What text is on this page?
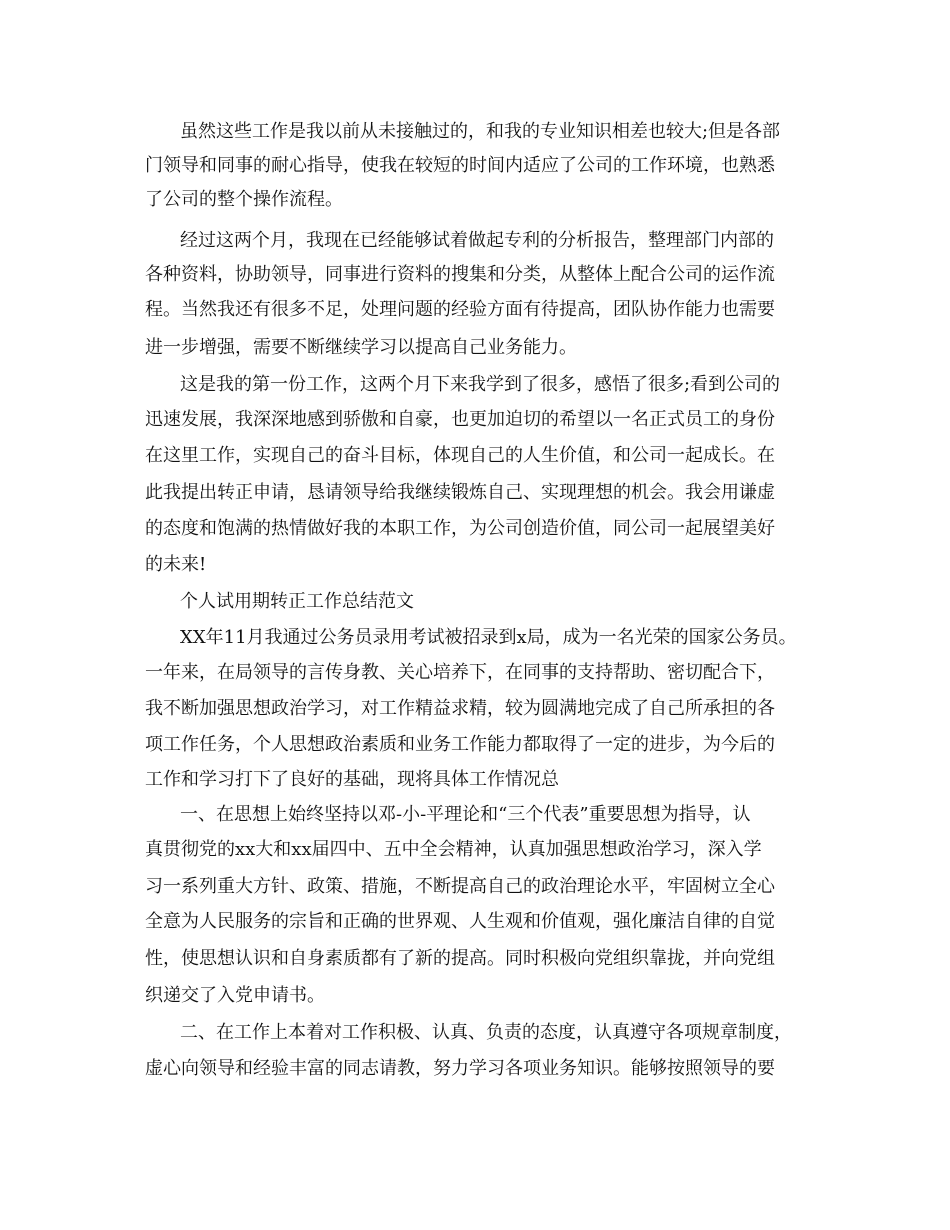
虽然这些工作是我以前从未接触过的，和我的专业知识相差也较大;但是各部
门领导和同事的耐心指导，使我在较短的时间内适应了公司的工作环境，也熟悉
了公司的整个操作流程。
经过这两个月，我现在已经能够试着做起专利的分析报告，整理部门内部的
各种资料，协助领导，同事进行资料的搜集和分类，从整体上配合公司的运作流
程。当然我还有很多不足，处理问题的经验方面有待提高，团队协作能力也需要
进一步增强，需要不断继续学习以提高自己业务能力。
这是我的第一份工作，这两个月下来我学到了很多，感悟了很多;看到公司的
迅速发展，我深深地感到骄傲和自豪，也更加迫切的希望以一名正式员工的身份
在这里工作，实现自己的奋斗目标，体现自己的人生价值，和公司一起成长。在
此我提出转正申请，恳请领导给我继续锻炼自己、实现理想的机会。我会用谦虚
的态度和饱满的热情做好我的本职工作，为公司创造价值，同公司一起展望美好
的未来!
个人试用期转正工作总结范文
XX年11月我通过公务员录用考试被招录到x局，成为一名光荣的国家公务员。
一年来，在局领导的言传身教、关心培养下，在同事的支持帮助、密切配合下，
我不断加强思想政治学习，对工作精益求精，较为圆满地完成了自己所承担的各
项工作任务，个人思想政治素质和业务工作能力都取得了一定的进步，为今后的
工作和学习打下了良好的基础，现将具体工作情况总
一、在思想上始终坚持以邓-小-平理论和“三个代表”重要思想为指导，认
真贯彻党的xx大和xx届四中、五中全会精神，认真加强思想政治学习，深入学
习一系列重大方针、政策、措施，不断提高自己的政治理论水平，牢固树立全心
全意为人民服务的宗旨和正确的世界观、人生观和价值观，强化廉洁自律的自觉
性，使思想认识和自身素质都有了新的提高。同时积极向党组织靠拢，并向党组
织递交了入党申请书。
二、在工作上本着对工作积极、认真、负责的态度，认真遵守各项规章制度，
虚心向领导和经验丰富的同志请教，努力学习各项业务知识。能够按照领导的要
